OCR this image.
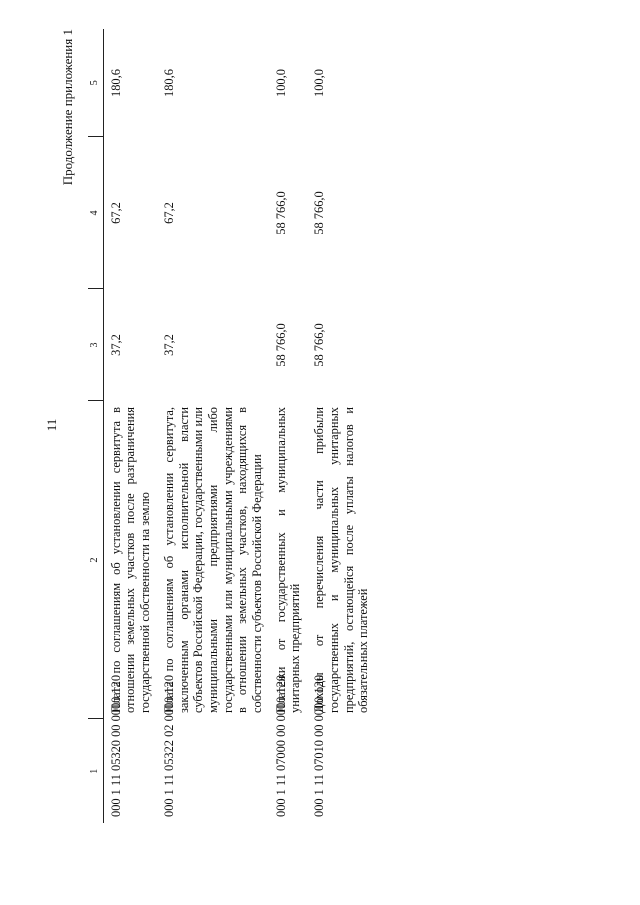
11
Продолжение приложения 1
1	2	3	4	5
000 1 11 05320 00 0000 120	Плата по соглашениям об установлении сервитута в отношении земельных участков после разграничения государственной собственности на землю	37,2	67,2	180,6
000 1 11 05322 02 0000 120	Плата по соглашениям об установлении сервитута, заключенным органами исполнительной власти субъектов Российской Федерации, государственными или муниципальными предприятиями либо государственными или муниципальными учреждениями в отношении земельных участков, находящихся в собственности субъектов Российской Федерации	37,2	67,2	180,6
000 1 11 07000 00 0000 120	Платежи от государственных и муниципальных унитарных предприятий	58 766,0	58 766,0	100,0
000 1 11 07010 00 0000 120	Доходы от перечисления части прибыли государственных и муниципальных унитарных предприятий, остающейся после уплаты налогов и обязательных платежей	58 766,0	58 766,0	100,0
